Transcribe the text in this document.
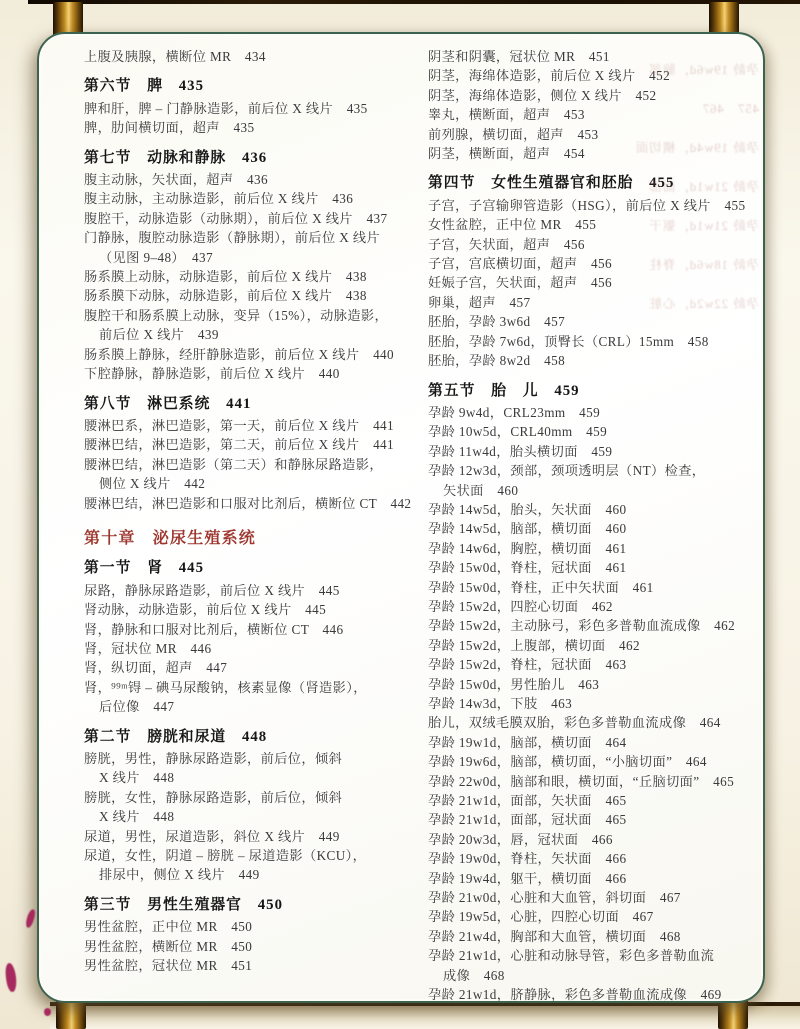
孕龄 19w6d，脑部
457　467
孕龄 19w4d，横切面
孕龄 21w1d，面部
孕龄 21w1d，躯干
孕龄 18w6d，脊柱
孕龄 22w2d，心脏
上腹及胰腺，横断位 MR　434
第六节　脾　435
脾和肝，脾 – 门静脉造影，前后位 X 线片　435
脾，肋间横切面，超声　435
第七节　动脉和静脉　436
腹主动脉，矢状面，超声　436
腹主动脉，主动脉造影，前后位 X 线片　436
腹腔干，动脉造影（动脉期），前后位 X 线片　437
门静脉，腹腔动脉造影（静脉期），前后位 X 线片
（见图 9–48）　437
肠系膜上动脉，动脉造影，前后位 X 线片　438
肠系膜下动脉，动脉造影，前后位 X 线片　438
腹腔干和肠系膜上动脉，变异（15%），动脉造影，
前后位 X 线片　439
肠系膜上静脉，经肝静脉造影，前后位 X 线片　440
下腔静脉，静脉造影，前后位 X 线片　440
第八节　淋巴系统　441
腰淋巴系，淋巴造影，第一天，前后位 X 线片　441
腰淋巴结，淋巴造影，第二天，前后位 X 线片　441
腰淋巴结，淋巴造影（第二天）和静脉尿路造影，
侧位 X 线片　442
腰淋巴结，淋巴造影和口服对比剂后，横断位 CT　442
第十章　泌尿生殖系统
第一节　肾　445
尿路，静脉尿路造影，前后位 X 线片　445
肾动脉，动脉造影，前后位 X 线片　445
肾，静脉和口服对比剂后，横断位 CT　446
肾，冠状位 MR　446
肾，纵切面，超声　447
肾，⁹⁹ᵐ锝 – 碘马尿酸钠，核素显像（肾造影），
后位像　447
第二节　膀胱和尿道　448
膀胱，男性，静脉尿路造影，前后位，倾斜
X 线片　448
膀胱，女性，静脉尿路造影，前后位，倾斜
X 线片　448
尿道，男性，尿道造影，斜位 X 线片　449
尿道，女性，阴道 – 膀胱 – 尿道造影（KCU），
排尿中，侧位 X 线片　449
第三节　男性生殖器官　450
男性盆腔，正中位 MR　450
男性盆腔，横断位 MR　450
男性盆腔，冠状位 MR　451
阴茎和阴囊，冠状位 MR　451
阴茎，海绵体造影，前后位 X 线片　452
阴茎，海绵体造影，侧位 X 线片　452
睾丸，横断面，超声　453
前列腺，横切面，超声　453
阴茎，横断面，超声　454
第四节　女性生殖器官和胚胎　455
子宫，子宫输卵管造影（HSG），前后位 X 线片　455
女性盆腔，正中位 MR　455
子宫，矢状面，超声　456
子宫，宫底横切面，超声　456
妊娠子宫，矢状面，超声　456
卵巢，超声　457
胚胎，孕龄 3w6d　457
胚胎，孕龄 7w6d，顶臀长（CRL）15mm　458
胚胎，孕龄 8w2d　458
第五节　胎　儿　459
孕龄 9w4d，CRL23mm　459
孕龄 10w5d，CRL40mm　459
孕龄 11w4d，胎头横切面　459
孕龄 12w3d，颈部，颈项透明层（NT）检查，
矢状面　460
孕龄 14w5d，胎头，矢状面　460
孕龄 14w5d，脑部，横切面　460
孕龄 14w6d，胸腔，横切面　461
孕龄 15w0d，脊柱，冠状面　461
孕龄 15w0d，脊柱，正中矢状面　461
孕龄 15w2d，四腔心切面　462
孕龄 15w2d，主动脉弓，彩色多普勒血流成像　462
孕龄 15w2d，上腹部，横切面　462
孕龄 15w2d，脊柱，冠状面　463
孕龄 15w0d，男性胎儿　463
孕龄 14w3d，下肢　463
胎儿，双绒毛膜双胎，彩色多普勒血流成像　464
孕龄 19w1d，脑部，横切面　464
孕龄 19w6d，脑部，横切面，“小脑切面”　464
孕龄 22w0d，脑部和眼，横切面，“丘脑切面”　465
孕龄 21w1d，面部，矢状面　465
孕龄 21w1d，面部，冠状面　465
孕龄 20w3d，唇，冠状面　466
孕龄 19w0d，脊柱，矢状面　466
孕龄 19w4d，躯干，横切面　466
孕龄 21w0d，心脏和大血管，斜切面　467
孕龄 19w5d，心脏，四腔心切面　467
孕龄 21w4d，胸部和大血管，横切面　468
孕龄 21w1d，心脏和动脉导管，彩色多普勒血流
成像　468
孕龄 21w1d，脐静脉，彩色多普勒血流成像　469
